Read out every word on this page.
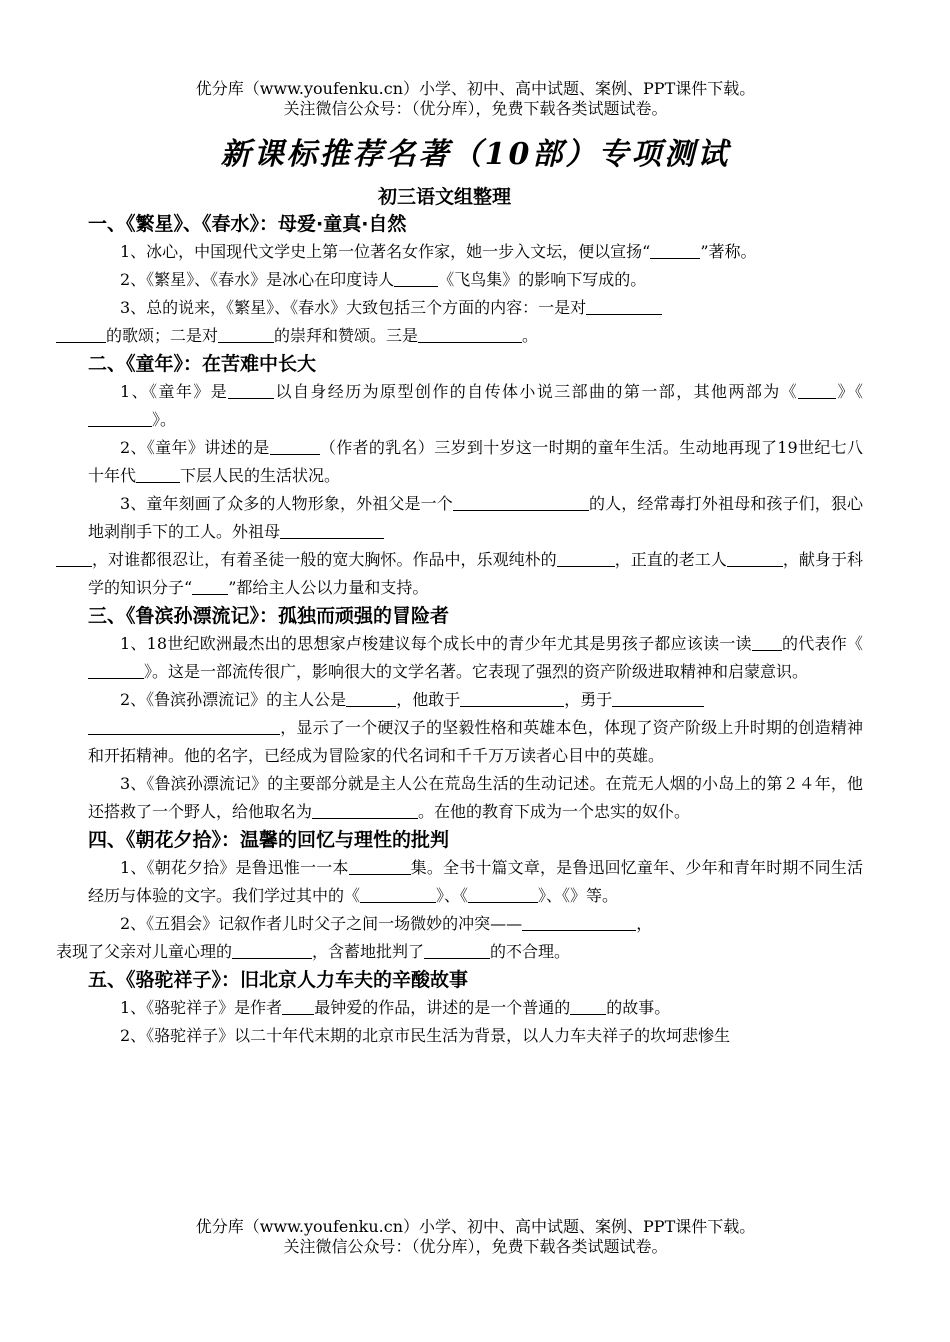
优分库（www.youfenku.cn）小学、初中、高中试题、案例、PPT课件下载。
关注微信公众号：（优分库），免费下载各类试题试卷。
新课标推荐名著（10部）专项测试
初三语文组整理

一、《繁星》、《春水》：母爱·童真·自然

1、冰心，中国现代文学史上第一位著名女作家，她一步入文坛，便以宣扬“	”著称。

2、《繁星》、《春水》是冰心在印度诗人	《飞鸟集》的影响下写成的。

3、总的说来，《繁星》、《春水》大致包括三个方面的内容：一是对
的歌颂；二是对	的崇拜和赞颂。三是	。

二、《童年》：在苦难中长大

1、《童年》是	以自身经历为原型创作的自传体小说三部曲的第一部，其他两部为《 》《》。

2、《童年》讲述的是	（作者的乳名）三岁到十岁这一时期的童年生活。生动地再现了19世纪七八十年代	下层人民的生活状况。

3、童年刻画了众多的人物形象，外祖父是一个	的人，经常毒打外祖母和孩子们，狠心地剥削手下的工人。外祖母
，对谁都很忍让，有着圣徒一般的宽大胸怀。作品中，乐观纯朴的	，正直的老工人	，献身于科学的知识分子“ ”都给主人公以力量和支持。

三、《鲁滨孙漂流记》：孤独而顽强的冒险者

1、18世纪欧洲最杰出的思想家卢梭建议每个成长中的青少年尤其是男孩子都应该读一读 的代表作《》。这是一部流传很广，影响很大的文学名著。它表现了强烈的资产阶级进取精神和启蒙意识。

2、《鲁滨孙漂流记》的主人公是	，他敢于	，勇于
，显示了一个硬汉子的坚毅性格和英雄本色，体现了资产阶级上升时期的创造精神和开拓精神。他的名字，已经成为冒险家的代名词和千千万万读者心目中的英雄。

3、《鲁滨孙漂流记》的主要部分就是主人公在荒岛生活的生动记述。在荒无人烟的小岛上的第２４年，他还搭救了一个野人，给他取名为	。在他的教育下成为一个忠实的奴仆。

四、《朝花夕拾》：温馨的回忆与理性的批判

1、《朝花夕拾》是鲁迅惟一一本	集。全书十篇文章，是鲁迅回忆童年、少年和青年时期不同生活经历与体验的文字。我们学过其中的《	》、《	》、《》等。

2、《五猖会》记叙作者儿时父子之间一场微妙的冲突——	，
表现了父亲对儿童心理的	，含蓄地批判了	的不合理。

五、《骆驼祥子》：旧北京人力车夫的辛酸故事

1、《骆驼祥子》是作者 最钟爱的作品，讲述的是一个普通的 的故事。

2、《骆驼祥子》以二十年代末期的北京市民生活为背景，以人力车夫祥子的坎坷悲惨生

优分库（www.youfenku.cn）小学、初中、高中试题、案例、PPT课件下载。
关注微信公众号：（优分库），免费下载各类试题试卷。
